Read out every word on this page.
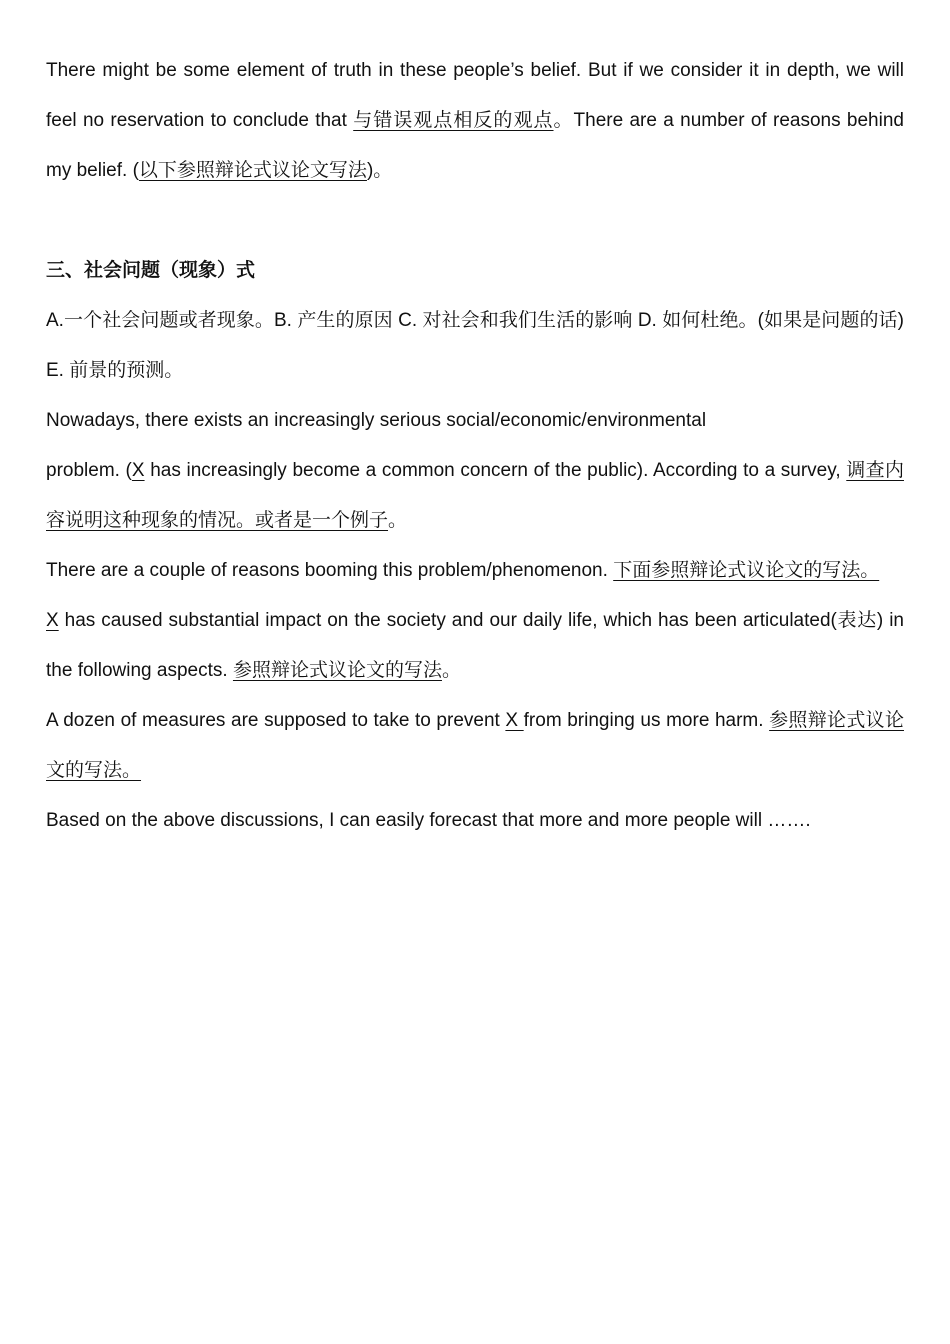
There might be some element of truth in these people’s belief. But if we consider it in depth, we will feel no reservation to conclude that 与错误观点相反的观点。There are a number of reasons behind my belief. (以下参照辩论式议论文写法)。

三、社会问题（现象）式

A.一个社会问题或者现象。B. 产生的原因 C. 对社会和我们生活的影响 D. 如何杜绝。(如果是问题的话) E. 前景的预测。

Nowadays, there exists an increasingly serious social/economic/environmental

problem. (X has increasingly become a common concern of the public). According to a survey, 调查内容说明这种现象的情况。或者是一个例子。

There are a couple of reasons booming this problem/phenomenon. 下面参照辩论式议论文的写法。

X has caused substantial impact on the society and our daily life, which has been articulated(表达) in the following aspects. 参照辩论式议论文的写法。

A dozen of measures are supposed to take to prevent X from bringing us more harm. 参照辩论式议论文的写法。

Based on the above discussions, I can easily forecast that more and more people will …….
